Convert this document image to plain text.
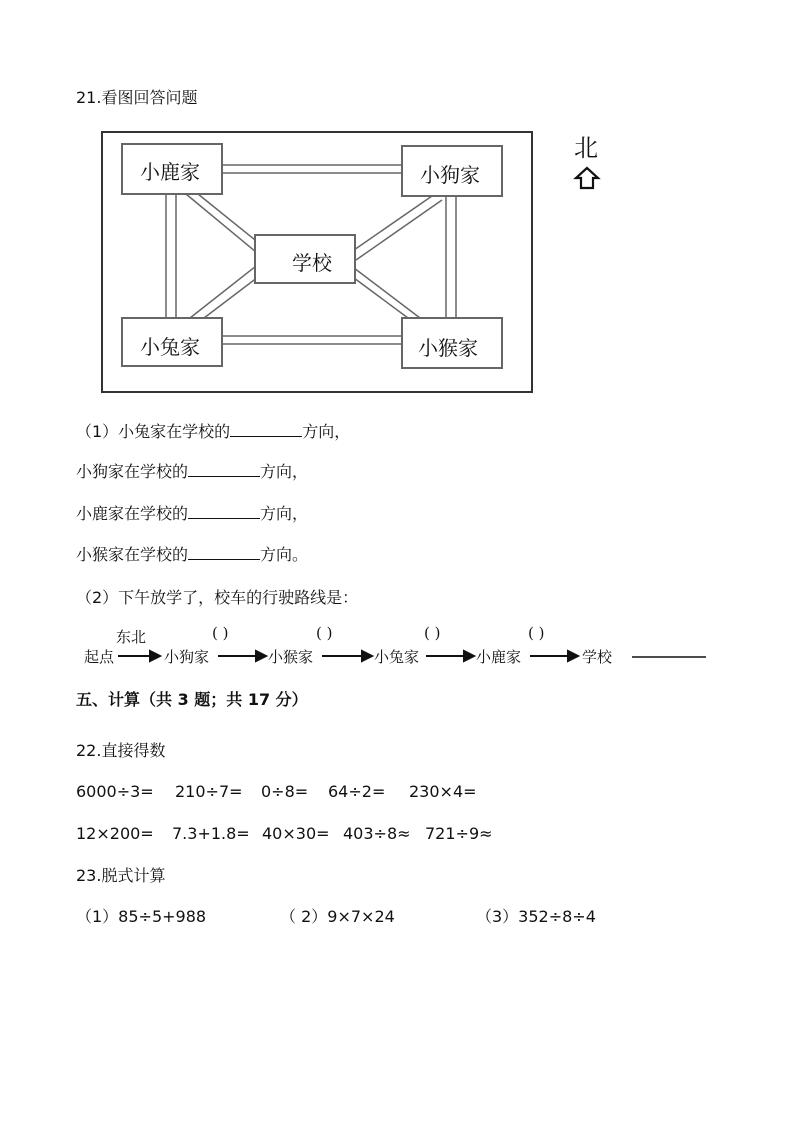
21.看图回答问题
小鹿家	小狗家
学校
小兔家	小猴家
北
（1）小兔家在学校的	方向，
小狗家在学校的	方向，
小鹿家在学校的	方向，
小猴家在学校的	方向。
（2）下午放学了，校车的行驶路线是：
东北	( )	( )	( )	( )
起点	小狗家	小猴家	小兔家	小鹿家	学校
五、计算（共 3 题；共 17 分）
22.直接得数
6000÷3= 210÷7= 0÷8= 64÷2= 230×4=
12×200= 7.3+1.8= 40×30= 403÷8≈ 721÷9≈
23.脱式计算
（1）85÷5+988	（ 2）9×7×24	（3）352÷8÷4
